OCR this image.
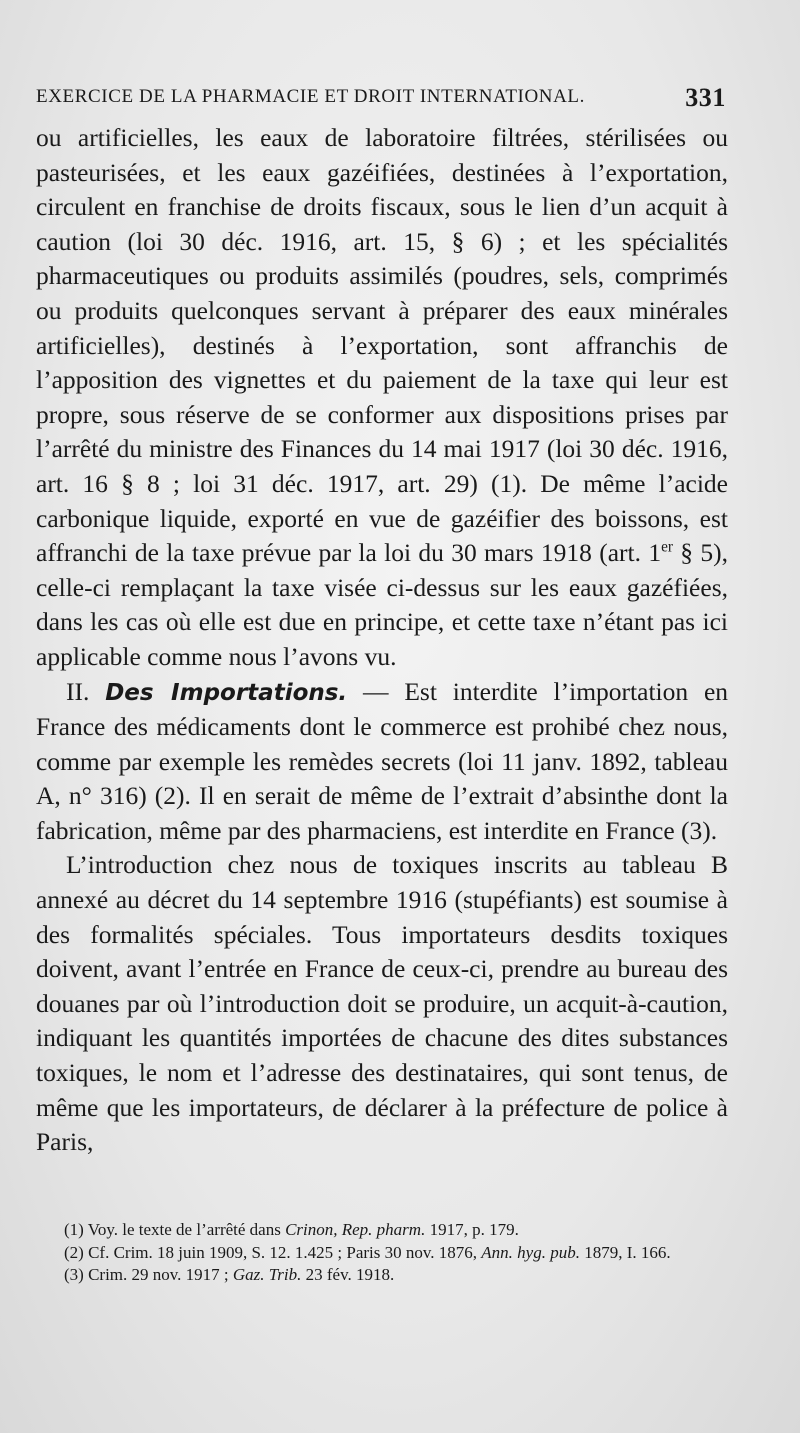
EXERCICE DE LA PHARMACIE ET DROIT INTERNATIONAL.	331

ou artificielles, les eaux de laboratoire filtrées, stérilisées ou pasteurisées, et les eaux gazéifiées, destinées à l’exportation, circulent en franchise de droits fiscaux, sous le lien d’un acquit à caution (loi 30 déc. 1916, art. 15, § 6) ; et les spécialités pharmaceutiques ou produits assimilés (poudres, sels, comprimés ou produits quelconques servant à préparer des eaux minérales artificielles), destinés à l’exportation, sont affranchis de l’apposition des vignettes et du paiement de la taxe qui leur est propre, sous réserve de se conformer aux dispositions prises par l’arrêté du ministre des Finances du 14 mai 1917 (loi 30 déc. 1916, art. 16 § 8 ; loi 31 déc. 1917, art. 29) (1). De même l’acide carbonique liquide, exporté en vue de gazéifier des boissons, est affranchi de la taxe prévue par la loi du 30 mars 1918 (art. 1er § 5), celle-ci remplaçant la taxe visée ci-dessus sur les eaux gazéfiées, dans les cas où elle est due en principe, et cette taxe n’étant pas ici applicable comme nous l’avons vu.

II. Des Importations. — Est interdite l’importation en France des médicaments dont le commerce est prohibé chez nous, comme par exemple les remèdes secrets (loi 11 janv. 1892, tableau A, n° 316) (2). Il en serait de même de l’extrait d’absinthe dont la fabrication, même par des pharmaciens, est interdite en France (3).

L’introduction chez nous de toxiques inscrits au tableau B annexé au décret du 14 septembre 1916 (stupéfiants) est soumise à des formalités spéciales. Tous importateurs desdits toxiques doivent, avant l’entrée en France de ceux-ci, prendre au bureau des douanes par où l’introduction doit se produire, un acquit-à-caution, indiquant les quantités importées de chacune des dites substances toxiques, le nom et l’adresse des destinataires, qui sont tenus, de même que les importateurs, de déclarer à la préfecture de police à Paris,

(1) Voy. le texte de l’arrêté dans Crinon, Rep. pharm. 1917, p. 179.

(2) Cf. Crim. 18 juin 1909, S. 12. 1.425 ; Paris 30 nov. 1876, Ann. hyg. pub. 1879, I. 166.

(3) Crim. 29 nov. 1917 ; Gaz. Trib. 23 fév. 1918.
